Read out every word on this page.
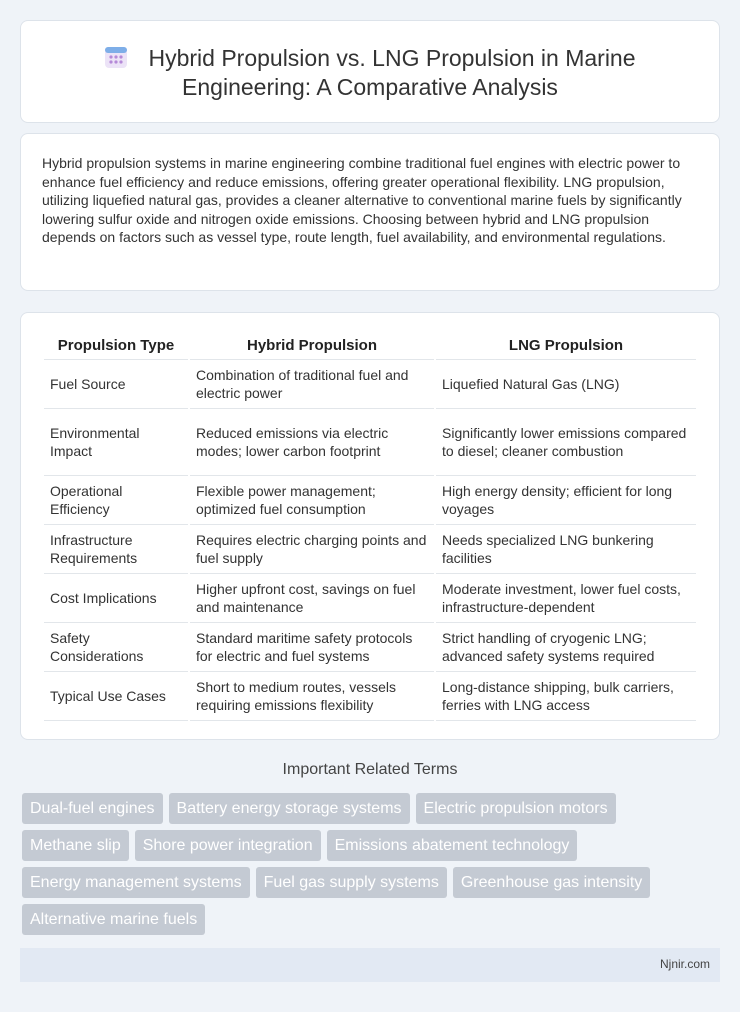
Hybrid Propulsion vs. LNG Propulsion in Marine
Engineering: A Comparative Analysis

Hybrid propulsion systems in marine engineering combine traditional fuel engines with electric power to enhance fuel efficiency and reduce emissions, offering greater operational flexibility. LNG propulsion, utilizing liquefied natural gas, provides a cleaner alternative to conventional marine fuels by significantly lowering sulfur oxide and nitrogen oxide emissions. Choosing between hybrid and LNG propulsion depends on factors such as vessel type, route length, fuel availability, and environmental regulations.

Propulsion Type	Hybrid Propulsion	LNG Propulsion
Fuel Source	Combination of traditional fuel and electric power	Liquefied Natural Gas (LNG)
Environmental Impact	Reduced emissions via electric modes; lower carbon footprint	Significantly lower emissions compared to diesel; cleaner combustion
Operational Efficiency	Flexible power management; optimized fuel consumption	High energy density; efficient for long voyages
Infrastructure Requirements	Requires electric charging points and fuel supply	Needs specialized LNG bunkering facilities
Cost Implications	Higher upfront cost, savings on fuel and maintenance	Moderate investment, lower fuel costs, infrastructure-dependent
Safety Considerations	Standard maritime safety protocols for electric and fuel systems	Strict handling of cryogenic LNG; advanced safety systems required
Typical Use Cases	Short to medium routes, vessels requiring emissions flexibility	Long-distance shipping, bulk carriers, ferries with LNG access
Important Related Terms
Dual-fuel engines	Battery energy storage systems	Electric propulsion motors
Methane slip	Shore power integration	Emissions abatement technology
Energy management systems	Fuel gas supply systems	Greenhouse gas intensity
Alternative marine fuels
Njnir.com
